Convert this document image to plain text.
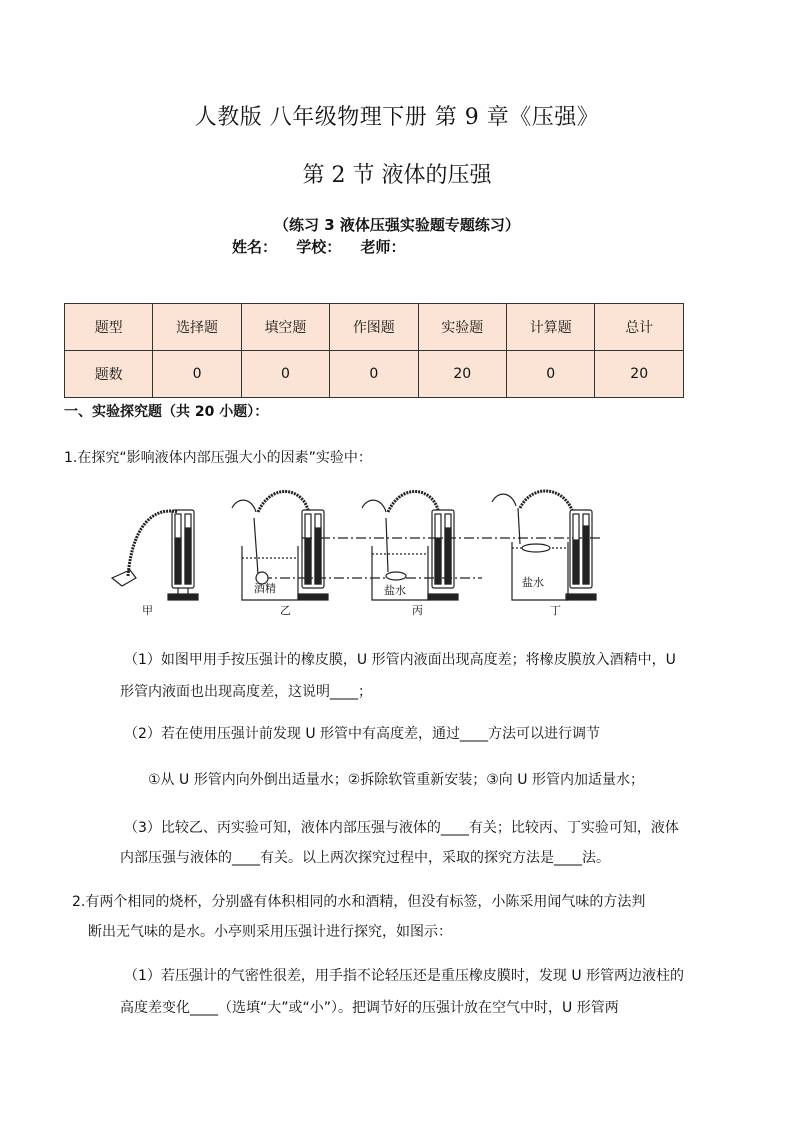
人教版 八年级物理下册 第 9 章《压强》
第 2 节 液体的压强
（练习 3 液体压强实验题专题练习）
姓名： 学校： 老师：
题型	选择题	填空题	作图题	实验题	计算题	总计
题数	0	0	0	20	0	20
一、实验探究题（共 20 小题）：
1.在探究“影响液体内部压强大小的因素”实验中：
酒精	盐水
盐水
甲	乙	丙	丁
（1）如图甲用手按压强计的橡皮膜，U 形管内液面出现高度差；将橡皮膜放入酒精中，U
形管内液面也出现高度差，这说明____；
（2）若在使用压强计前发现 U 形管中有高度差，通过____方法可以进行调节
①从 U 形管内向外倒出适量水；②拆除软管重新安装；③向 U 形管内加适量水；
（3）比较乙、丙实验可知，液体内部压强与液体的____有关；比较丙、丁实验可知，液体
内部压强与液体的____有关。以上两次探究过程中，采取的探究方法是____法。
2.有两个相同的烧杯，分别盛有体积相同的水和酒精，但没有标签，小陈采用闻气味的方法判
断出无气味的是水。小亭则采用压强计进行探究，如图示：
（1）若压强计的气密性很差，用手指不论轻压还是重压橡皮膜时，发现 U 形管两边液柱的
高度差变化____（选填“大”或“小”）。把调节好的压强计放在空气中时，U 形管两
